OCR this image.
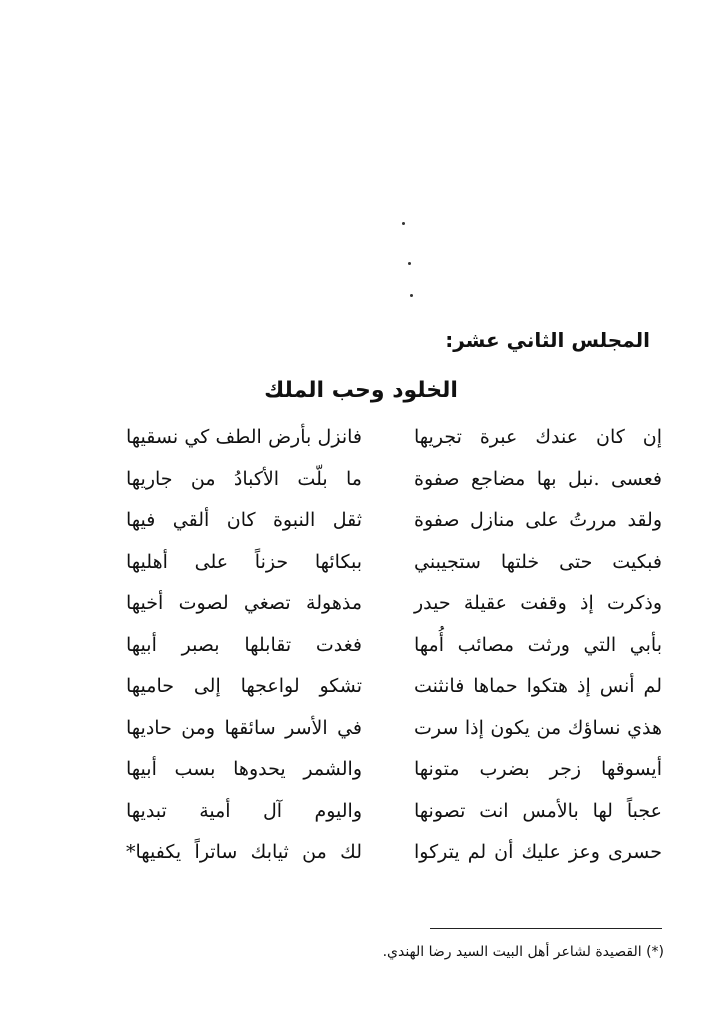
المجلس الثاني عشر:
الخلود وحب الملك
إن كان عندك عبرة تجريها
فانزل بأرض الطف كي نسقيها
فعسى .نبل بها مضاجع صفوة
ما بلّت الأكبادُ من جاريها
ولقد مررتُ على منازل صفوة
ثقل النبوة كان ألقي فيها
فبكيت حتى خلتها ستجيبني
ببكائها حزناً على أهليها
وذكرت إذ وقفت عقيلة حيدر
مذهولة تصغي لصوت أخيها
بأبي التي ورثت مصائب أُمها
فغدت تقابلها بصبر أبيها
لم أنس إذ هتكوا حماها فانثنت
تشكو لواعجها إلى حاميها
هذي نساؤك من يكون إذا سرت
في الأسر سائقها ومن حاديها
أيسوقها زجر بضرب متونها
والشمر يحدوها بسب أبيها
عجباً لها بالأمس انت تصونها
واليوم آل أمية تبديها
حسرى وعز عليك أن لم يتركوا
لك من ثيابك ساتراً يكفيها*
(*) القصيدة لشاعر أهل البيت السيد رضا الهندي.
